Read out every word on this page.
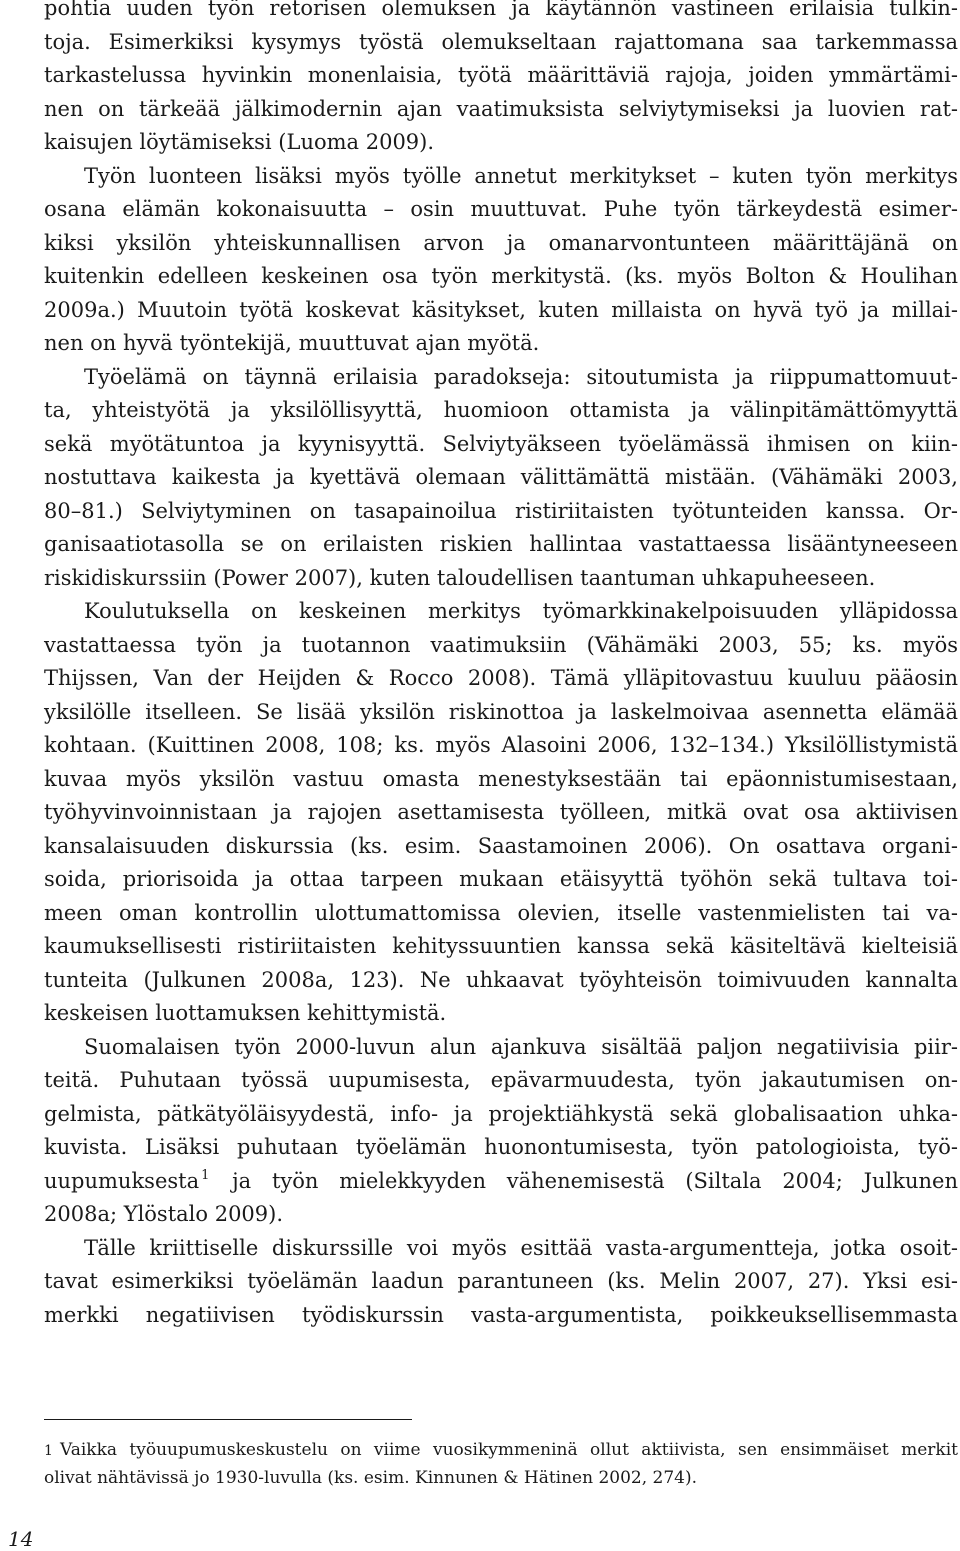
pohtia uuden työn retorisen olemuksen ja käytännön vastineen erilaisia tulkin-
toja. Esimerkiksi kysymys työstä olemukseltaan rajattomana saa tarkemmassa
tarkastelussa hyvinkin monenlaisia, työtä määrittäviä rajoja, joiden ymmärtämi-
nen on tärkeää jälkimodernin ajan vaatimuksista selviytymiseksi ja luovien rat-
kaisujen löytämiseksi (Luoma 2009).
Työn luonteen lisäksi myös työlle annetut merkitykset – kuten työn merkitys
osana elämän kokonaisuutta – osin muuttuvat. Puhe työn tärkeydestä esimer-
kiksi yksilön yhteiskunnallisen arvon ja omanarvontunteen määrittäjänä on
kuitenkin edelleen keskeinen osa työn merkitystä. (ks. myös Bolton & Houlihan
2009a.) Muutoin työtä koskevat käsitykset, kuten millaista on hyvä työ ja millai-
nen on hyvä työntekijä, muuttuvat ajan myötä.
Työelämä on täynnä erilaisia paradokseja: sitoutumista ja riippumattomuut-
ta, yhteistyötä ja yksilöllisyyttä, huomioon ottamista ja välinpitämättömyyttä
sekä myötätuntoa ja kyynisyyttä. Selviytyäkseen työelämässä ihmisen on kiin-
nostuttava kaikesta ja kyettävä olemaan välittämättä mistään. (Vähämäki 2003,
80–81.) Selviytyminen on tasapainoilua ristiriitaisten työtunteiden kanssa. Or-
ganisaatiotasolla se on erilaisten riskien hallintaa vastattaessa lisääntyneeseen
riskidiskurssiin (Power 2007), kuten taloudellisen taantuman uhkapuheeseen.
Koulutuksella on keskeinen merkitys työmarkkinakelpoisuuden ylläpidossa
vastattaessa työn ja tuotannon vaatimuksiin (Vähämäki 2003, 55; ks. myös
Thijssen, Van der Heijden & Rocco 2008). Tämä ylläpitovastuu kuuluu pääosin
yksilölle itselleen. Se lisää yksilön riskinottoa ja laskelmoivaa asennetta elämää
kohtaan. (Kuittinen 2008, 108; ks. myös Alasoini 2006, 132–134.) Yksilöllistymistä
kuvaa myös yksilön vastuu omasta menestyksestään tai epäonnistumisestaan,
työhyvinvoinnistaan ja rajojen asettamisesta työlleen, mitkä ovat osa aktiivisen
kansalaisuuden diskurssia (ks. esim. Saastamoinen 2006). On osattava organi-
soida, priorisoida ja ottaa tarpeen mukaan etäisyyttä työhön sekä tultava toi-
meen oman kontrollin ulottumattomissa olevien, itselle vastenmielisten tai va-
kaumuksellisesti ristiriitaisten kehityssuuntien kanssa sekä käsiteltävä kielteisiä
tunteita (Julkunen 2008a, 123). Ne uhkaavat työyhteisön toimivuuden kannalta
keskeisen luottamuksen kehittymistä.
Suomalaisen työn 2000-luvun alun ajankuva sisältää paljon negatiivisia piir-
teitä. Puhutaan työssä uupumisesta, epävarmuudesta, työn jakautumisen on-
gelmista, pätkätyöläisyydestä, info- ja projektiähkystä sekä globalisaation uhka-
kuvista. Lisäksi puhutaan työelämän huonontumisesta, työn patologioista, työ-
uupumuksesta $^1$ ja työn mielekkyyden vähenemisestä (Siltala 2004; Julkunen
2008a; Ylöstalo 2009).
Tälle kriittiselle diskurssille voi myös esittää vasta-argumentteja, jotka osoit-
tavat esimerkiksi työelämän laadun parantuneen (ks. Melin 2007, 27). Yksi esi-
merkki negatiivisen työdiskurssin vasta-argumentista, poikkeuksellisemmasta
1 Vaikka työuupumuskeskustelu on viime vuosikymmeninä ollut aktiivista, sen ensimmäiset merkit
olivat nähtävissä jo 1930-luvulla (ks. esim. Kinnunen & Hätinen 2002, 274).
14
